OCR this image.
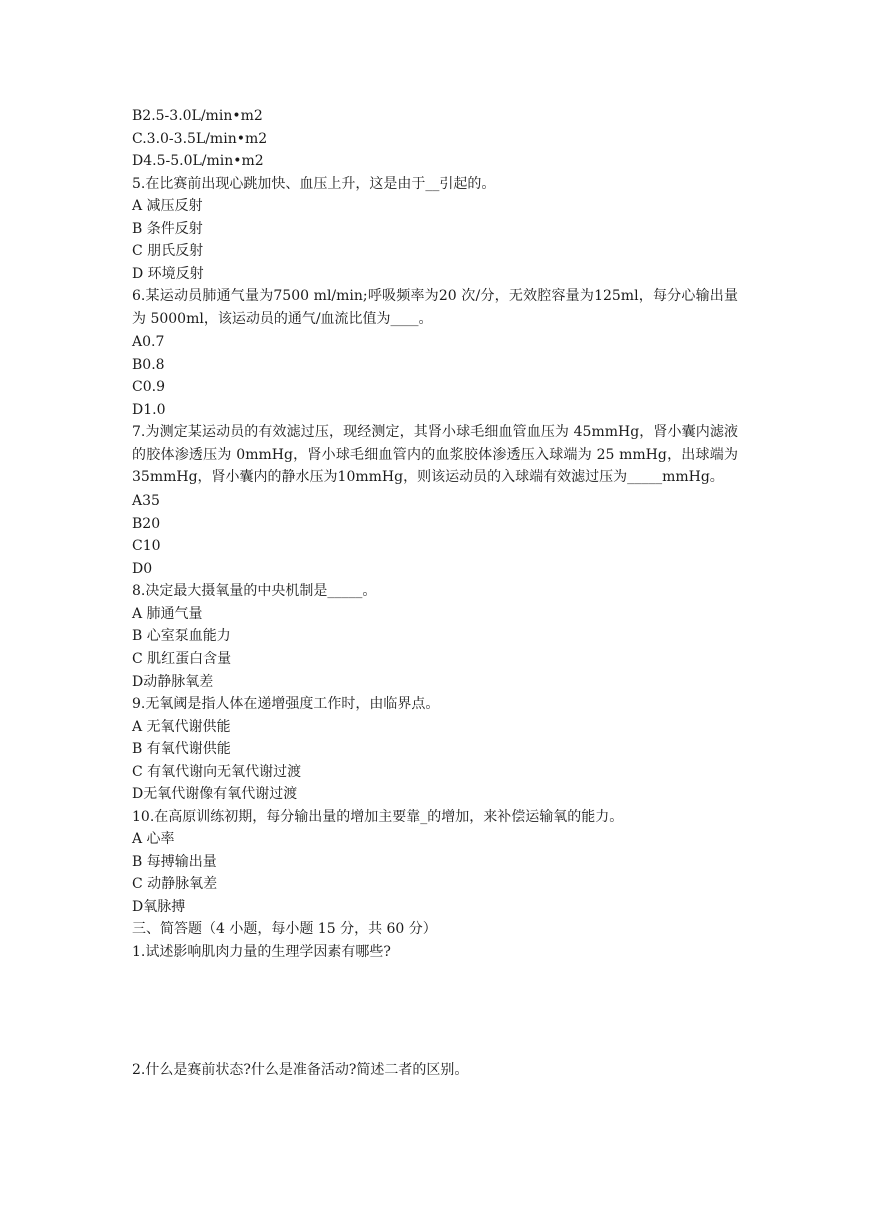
B2.5-3.0L/min•m2
C.3.0-3.5L/min•m2
D4.5-5.0L/min•m2
5.在比赛前出现心跳加快、血压上升，这是由于__引起的。
A 减压反射
B 条件反射
C 朋氏反射
D 环境反射
6.某运动员肺通气量为7500 ml/min;呼吸频率为20 次/分，无效腔容量为125ml，每分心输出量为 5000ml，该运动员的通气/血流比值为____。
A0.7
B0.8
C0.9
D1.0
7.为测定某运动员的有效滤过压，现经测定，其肾小球毛细血管血压为 45mmHg，肾小囊内滤液的胶体渗透压为 0mmHg，肾小球毛细血管内的血浆胶体渗透压入球端为 25 mmHg，出球端为 35mmHg，肾小囊内的静水压为10mmHg，则该运动员的入球端有效滤过压为_____mmHg。
A35
B20
C10
D0
8.决定最大摄氧量的中央机制是_____。
A 肺通气量
B 心室泵血能力
C 肌红蛋白含量
D动静脉氧差
9.无氧阈是指人体在递增强度工作时，由临界点。
A 无氧代谢供能
B 有氧代谢供能
C 有氧代谢向无氧代谢过渡
D无氧代谢像有氧代谢过渡
10.在高原训练初期，每分输出量的增加主要靠_的增加，来补偿运输氧的能力。
A 心率
B 每搏输出量
C 动静脉氧差
D氧脉搏
三、简答题（4 小题，每小题 15 分，共 60 分）
1.试述影响肌肉力量的生理学因素有哪些?
2.什么是赛前状态?什么是准备活动?简述二者的区别。
